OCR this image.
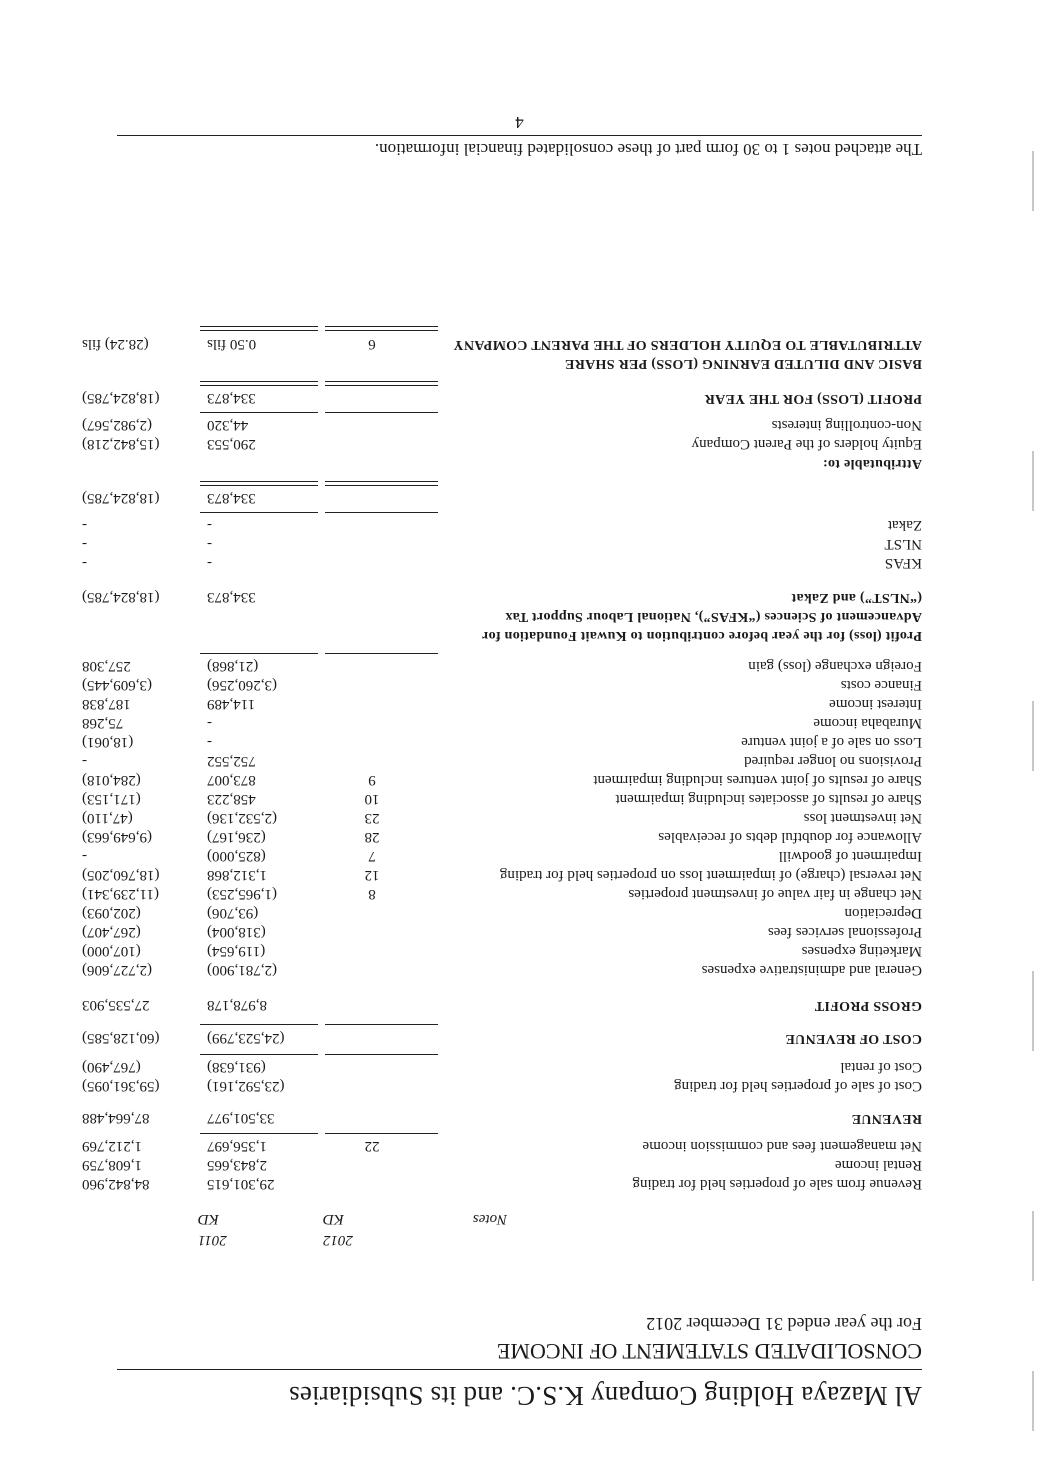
Al Mazaya Holding Company K.S.C. and its Subsidiaries
CONSOLIDATED STATEMENT OF INCOME
For the year ended 31 December 2012
2011	2012
Notes
KD
KD
Revenue from sale of properties held for trading
29,301,615
84,842,960
Rental income
2,843,665
1,608,759
Net management fees and commission income
22
1,356,697
1,212,769
REVENUE
33,501,977
87,664,488
Cost of sale of properties held for trading
(23,592,161)
(59,361,095)
Cost of rental
(931,638)
(767,490)
COST OF REVENUE
(24,523,799)
(60,128,585)
GROSS PROFIT
8,978,178
27,535,903
General and administrative expenses
(2,781,900)
(2,727,606)
Marketing expenses
(119,654)
(107,000)
Professional services fees
(318,004)
(267,407)
Depreciation
(93,706)
(202,093)
Net change in fair value of investment properties
8
(1,965,253)
(11,239,341)
Net reversal (charge) of impairment loss on properties held for trading
12
1,312,868
(18,760,205)
Impairment of goodwill
7
(825,000)
-
Allowance for doubtful debts of receivables
28
(236,167)
(9,649,663)
Net investment loss
23
(2,532,136)
(47,110)
Share of results of associates including impairment
10
458,223
(171,153)
Share of results of joint ventures including impairment
9
873,007
(284,018)
Provisions no longer required
752,552
-
Loss on sale of a joint venture
-
(18,061)
Murabaha income
-
75,268
Interest income
114,489
187,838
Finance costs
(3,260,256)
(3,609,445)
Foreign exchange (loss) gain
(21,868)
257,308
Profit (loss) for the year before contribution to Kuwait Foundation for
Advancement of Sciences (“KFAS”), National Labour Support Tax
(“NLST”) and Zakat
334,873
(18,824,785)
KFAS
-
-
NLST
-
-
Zakat
-
-
334,873
(18,824,785)
Attributable to:
Equity holders of the Parent Company
290,553
(15,842,218)
Non-controlling interests
44,320
(2,982,567)
PROFIT (LOSS) FOR THE YEAR
334,873
(18,824,785)
BASIC AND DILUTED EARNING (LOSS) PER SHARE
ATTRIBUTABLE TO EQUITY HOLDERS OF THE PARENT COMPANY
6
0.50 fils
(28.24) fils
The attached notes 1 to 30 form part of these consolidated financial information.
4
